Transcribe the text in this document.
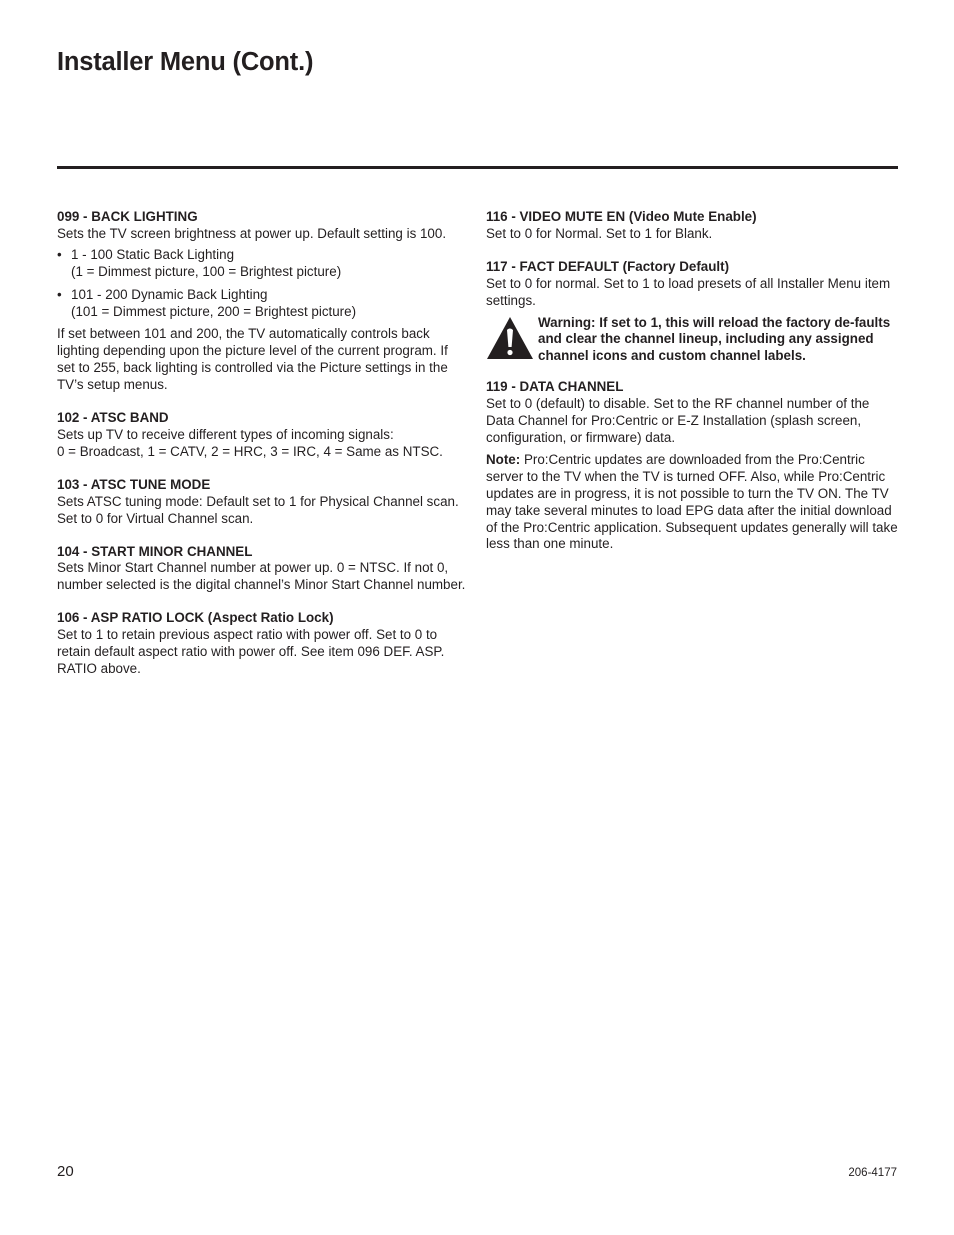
Installer Menu (Cont.)
099 - BACK LIGHTING

Sets the TV screen brightness at power up. Default setting is 100.

• 1 - 100 Static Back Lighting
(1 = Dimmest picture, 100 = Brightest picture)
• 101 - 200 Dynamic Back Lighting
(101 = Dimmest picture, 200 = Brightest picture)

If set between 101 and 200, the TV automatically controls back lighting depending upon the picture level of the current program. If set to 255, back lighting is controlled via the Picture settings in the TV’s setup menus.

102 - ATSC BAND

Sets up TV to receive different types of incoming signals:

0 = Broadcast, 1 = CATV, 2 = HRC, 3 = IRC, 4 = Same as NTSC.

103 - ATSC TUNE MODE

Sets ATSC tuning mode: Default set to 1 for Physical Channel scan. Set to 0 for Virtual Channel scan.

104 - START MINOR CHANNEL

Sets Minor Start Channel number at power up. 0 = NTSC. If not 0, number selected is the digital channel’s Minor Start Channel number.

106 - ASP RATIO LOCK (Aspect Ratio Lock)

Set to 1 to retain previous aspect ratio with power off. Set to 0 to retain default aspect ratio with power off. See item 096 DEF. ASP. RATIO above.

116 - VIDEO MUTE EN (Video Mute Enable)

Set to 0 for Normal. Set to 1 for Blank.

117 - FACT DEFAULT (Factory Default)

Set to 0 for normal. Set to 1 to load presets of all Installer Menu item settings.

Warning: If set to 1, this will reload the factory de-faults and clear the channel lineup, including any assigned channel icons and custom channel labels.
119 - DATA CHANNEL

Set to 0 (default) to disable. Set to the RF channel number of the Data Channel for Pro:Centric or E-Z Installation (splash screen, configuration, or firmware) data.

Note: Pro:Centric updates are downloaded from the Pro:Centric server to the TV when the TV is turned OFF. Also, while Pro:Centric updates are in progress, it is not possible to turn the TV ON. The TV may take several minutes to load EPG data after the initial download of the Pro:Centric application. Subsequent updates generally will take less than one minute.

20	206-4177
